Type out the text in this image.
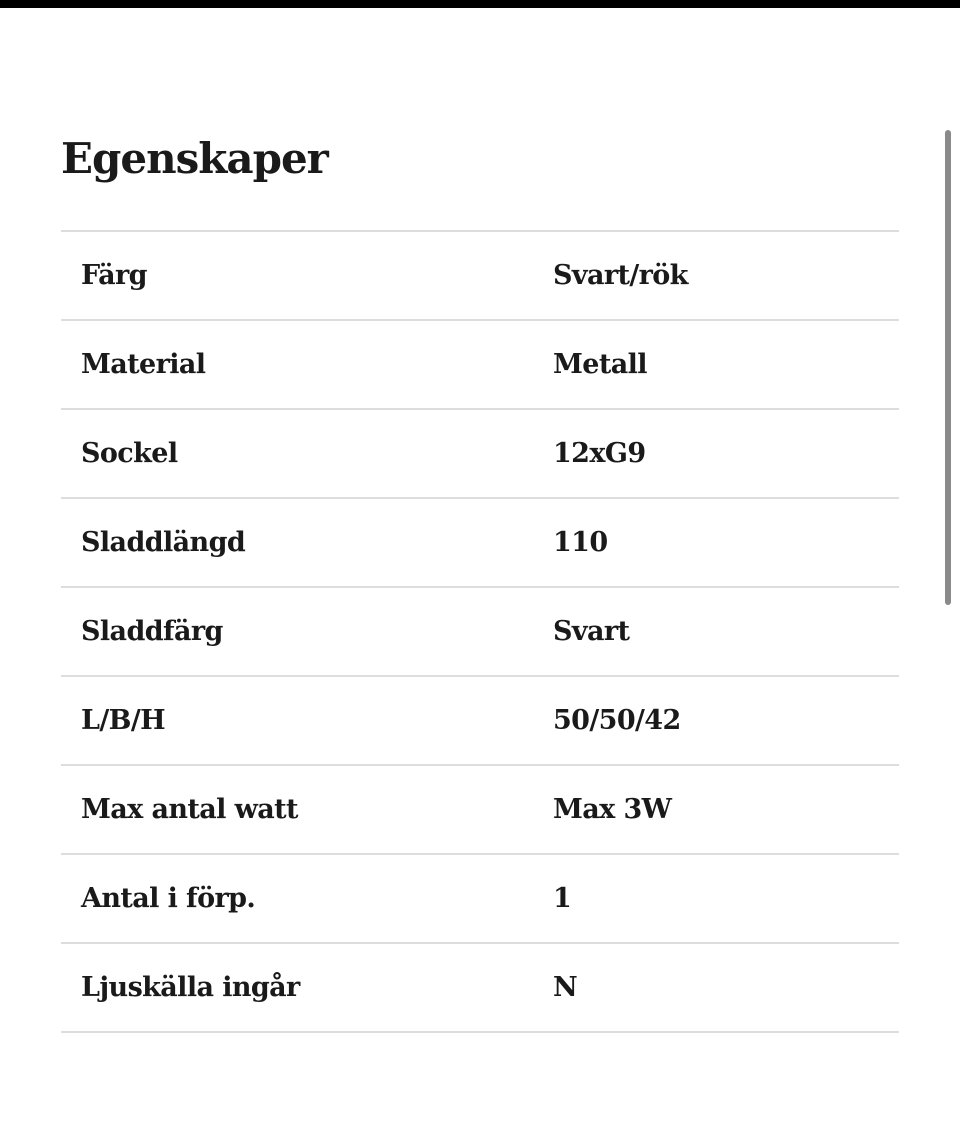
Egenskaper
Färg	Svart/rök
Material	Metall
Sockel	12xG9
Sladdlängd	110
Sladdfärg	Svart
L/B/H	50/50/42
Max antal watt	Max 3W
Antal i förp.	1
Ljuskälla ingår	N
